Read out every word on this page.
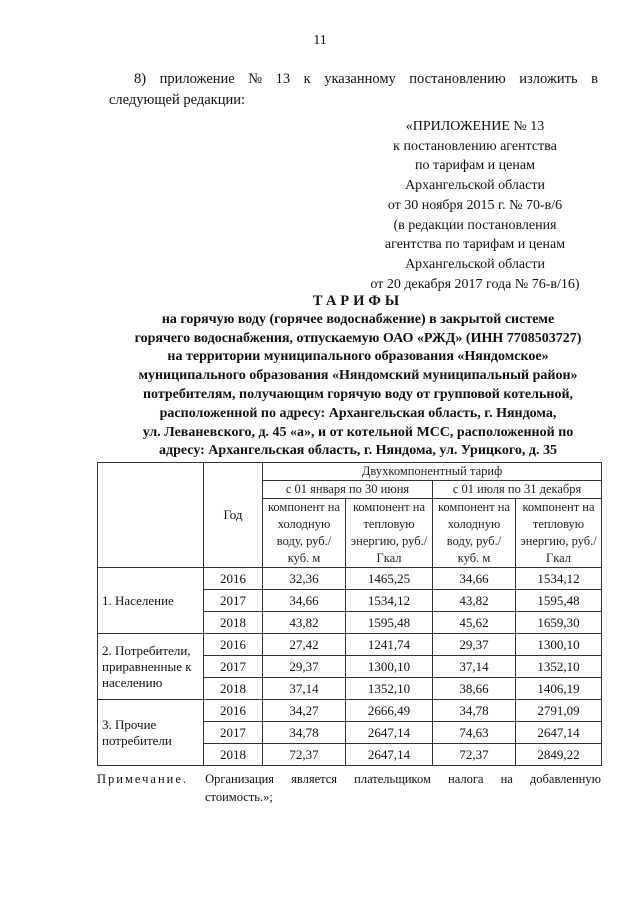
11
8) приложение № 13 к указанному постановлению изложить в
следующей редакции:
«ПРИЛОЖЕНИЕ № 13
к постановлению агентства
по тарифам и ценам
Архангельской области
от 30 ноября 2015 г. № 70-в/6
(в редакции постановления
агентства по тарифам и ценам
Архангельской области
от 20 декабря 2017 года № 76-в/16)
ТАРИФЫ
на горячую воду (горячее водоснабжение) в закрытой системе
горячего водоснабжения, отпускаемую ОАО «РЖД» (ИНН 7708503727)
на территории муниципального образования «Няндомское»
муниципального образования «Няндомский муниципальный район»
потребителям, получающим горячую воду от групповой котельной,
расположенной по адресу: Архангельская область, г. Няндома,
ул. Леваневского, д. 45 «а», и от котельной МСС, расположенной по
адресу: Архангельская область, г. Няндома, ул. Урицкого, д. 35
	Год	Двухкомпонентный тариф			
		с 01 января по 30 июня		с 01 июля по 31 декабря	
		компонент на холодную воду, руб./куб. м	компонент на тепловую энергию, руб./Гкал	компонент на холодную воду, руб./куб. м	компонент на тепловую энергию, руб./Гкал
1. Население	2016	32,36	1465,25	34,66	1534,12
	2017	34,66	1534,12	43,82	1595,48
	2018	43,82	1595,48	45,62	1659,30
2. Потребители, приравненные к населению	2016	27,42	1241,74	29,37	1300,10
	2017	29,37	1300,10	37,14	1352,10
	2018	37,14	1352,10	38,66	1406,19
3. Прочие потребители	2016	34,27	2666,49	34,78	2791,09
	2017	34,78	2647,14	74,63	2647,14
	2018	72,37	2647,14	72,37	2849,22
Примечание. Организация является плательщиком налога на добавленную
стоимость.»;
